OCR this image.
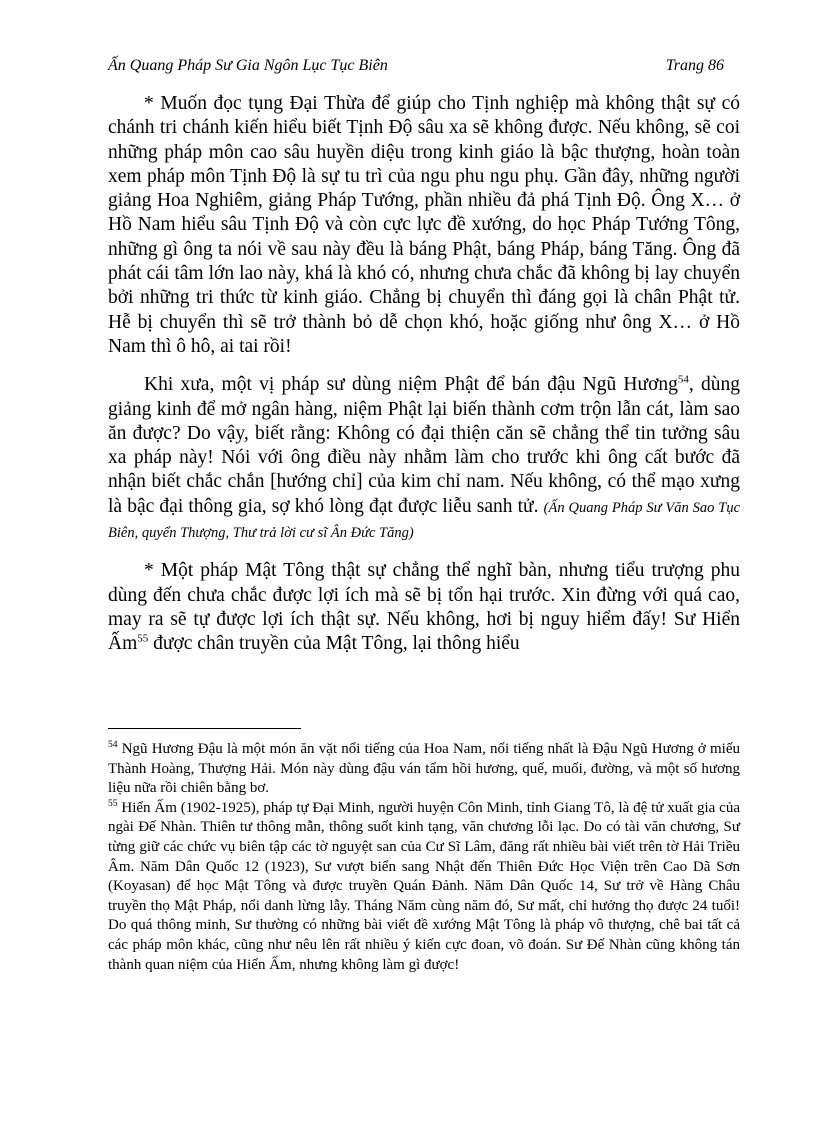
Ấn Quang Pháp Sư Gia Ngôn Lục Tục Biên	Trang 86

* Muốn đọc tụng Đại Thừa để giúp cho Tịnh nghiệp mà không thật sự có chánh tri chánh kiến hiểu biết Tịnh Độ sâu xa sẽ không được. Nếu không, sẽ coi những pháp môn cao sâu huyền diệu trong kinh giáo là bậc thượng, hoàn toàn xem pháp môn Tịnh Độ là sự tu trì của ngu phu ngu phụ. Gần đây, những người giảng Hoa Nghiêm, giảng Pháp Tướng, phần nhiều đả phá Tịnh Độ. Ông X… ở Hồ Nam hiểu sâu Tịnh Độ và còn cực lực đề xướng, do học Pháp Tướng Tông, những gì ông ta nói về sau này đều là báng Phật, báng Pháp, báng Tăng. Ông đã phát cái tâm lớn lao này, khá là khó có, nhưng chưa chắc đã không bị lay chuyển bởi những tri thức từ kinh giáo. Chẳng bị chuyển thì đáng gọi là chân Phật tử. Hễ bị chuyển thì sẽ trở thành bỏ dễ chọn khó, hoặc giống như ông X… ở Hồ Nam thì ô hô, ai tai rồi!

Khi xưa, một vị pháp sư dùng niệm Phật để bán đậu Ngũ Hương$^{54}$, dùng giảng kinh để mở ngân hàng, niệm Phật lại biến thành cơm trộn lẫn cát, làm sao ăn được? Do vậy, biết rằng: Không có đại thiện căn sẽ chẳng thể tin tưởng sâu xa pháp này! Nói với ông điều này nhằm làm cho trước khi ông cất bước đã nhận biết chắc chắn [hướng chỉ] của kim chỉ nam. Nếu không, có thể mạo xưng là bậc đại thông gia, sợ khó lòng đạt được liễu sanh tử. (Ấn Quang Pháp Sư Văn Sao Tục Biên, quyển Thượng, Thư trả lời cư sĩ Ân Đức Tăng)

* Một pháp Mật Tông thật sự chẳng thể nghĩ bàn, nhưng tiểu trượng phu dùng đến chưa chắc được lợi ích mà sẽ bị tổn hại trước. Xin đừng với quá cao, may ra sẽ tự được lợi ích thật sự. Nếu không, hơi bị nguy hiểm đấy! Sư Hiển Ấm$^{55}$ được chân truyền của Mật Tông, lại thông hiểu

$^{54}$ Ngũ Hương Đậu là một món ăn vặt nổi tiếng của Hoa Nam, nổi tiếng nhất là Đậu Ngũ Hương ở miếu Thành Hoàng, Thượng Hải. Món này dùng đậu ván tẩm hồi hương, quế, muối, đường, và một số hương liệu nữa rồi chiên bằng bơ.

$^{55}$ Hiển Ấm (1902-1925), pháp tự Đại Minh, người huyện Côn Minh, tỉnh Giang Tô, là đệ tử xuất gia của ngài Đế Nhàn. Thiên tư thông mẫn, thông suốt kinh tạng, văn chương lỗi lạc. Do có tài văn chương, Sư từng giữ các chức vụ biên tập các tờ nguyệt san của Cư Sĩ Lâm, đăng rất nhiều bài viết trên tờ Hải Triều Âm. Năm Dân Quốc 12 (1923), Sư vượt biển sang Nhật đến Thiên Đức Học Viện trên Cao Dã Sơn (Koyasan) để học Mật Tông và được truyền Quán Đảnh. Năm Dân Quốc 14, Sư trở về Hàng Châu truyền thọ Mật Pháp, nổi danh lừng lẫy. Tháng Năm cùng năm đó, Sư mất, chỉ hưởng thọ được 24 tuổi! Do quá thông minh, Sư thường có những bài viết đề xướng Mật Tông là pháp vô thượng, chê bai tất cả các pháp môn khác, cũng như nêu lên rất nhiều ý kiến cực đoan, võ đoán. Sư Đế Nhàn cũng không tán thành quan niệm của Hiển Ấm, nhưng không làm gì được!
